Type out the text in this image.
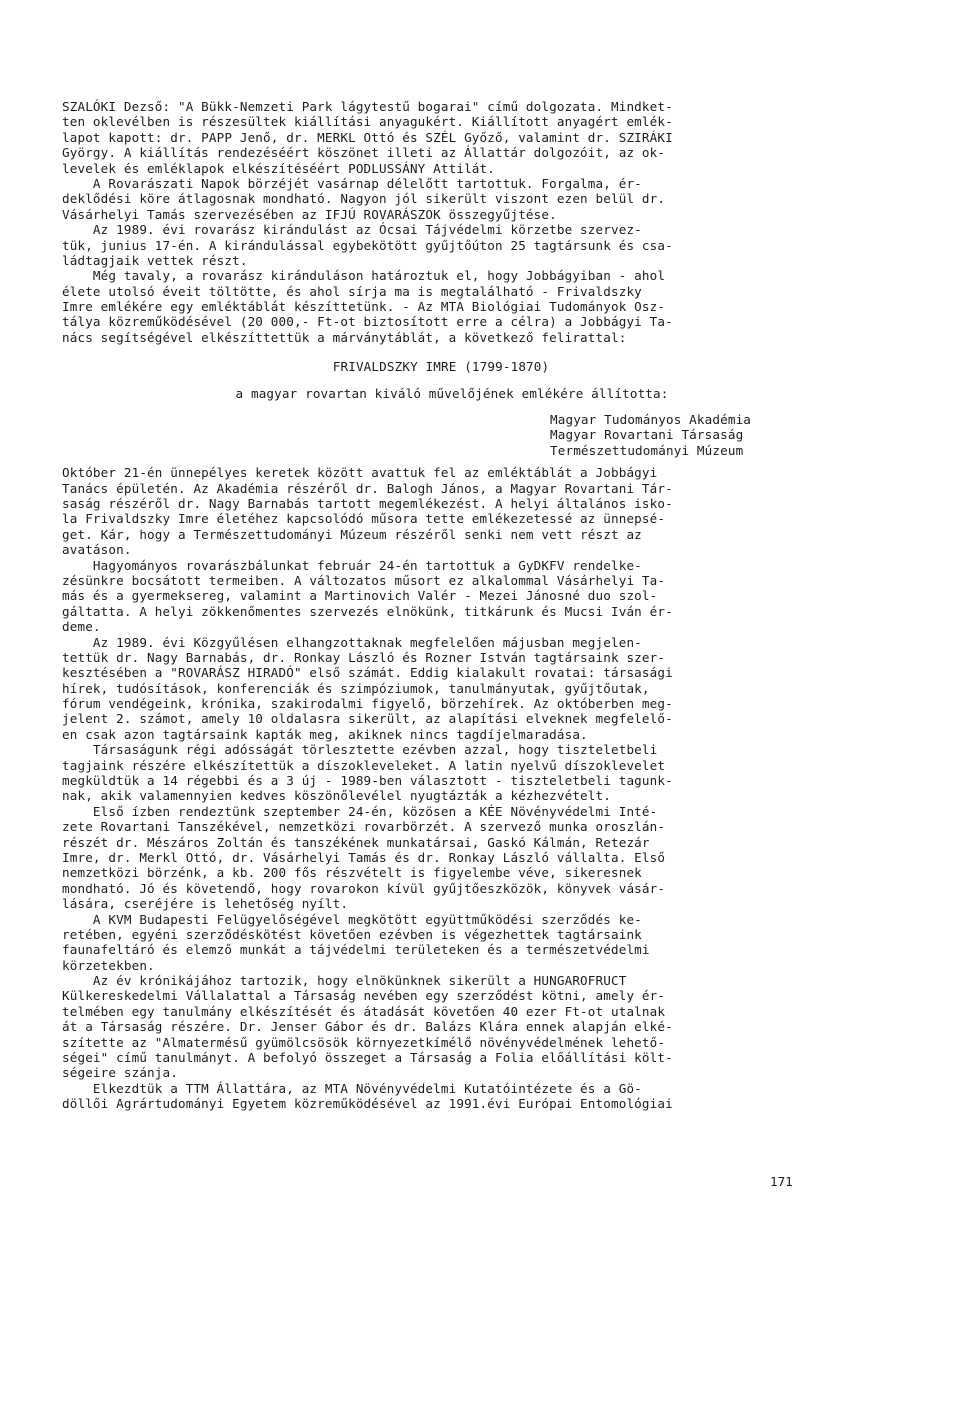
SZALÓKI Dezső: "A Bükk-Nemzeti Park lágytestű bogarai" című dolgozata. Mindket-
ten oklevélben is részesültek kiállítási anyagukért. Kiállított anyagért emlék-
lapot kapott: dr. PAPP Jenő, dr. MERKL Ottó és SZÉL Győző, valamint dr. SZIRÁKI
György. A kiállítás rendezéséért köszönet illeti az Állattár dolgozóit, az ok-
levelek és emléklapok elkészítéséért PODLUSSÁNY Attilát.
A Rovarászati Napok börzéjét vasárnap délelőtt tartottuk. Forgalma, ér-
deklődési köre átlagosnak mondható. Nagyon jól sikerült viszont ezen belül dr.
Vásárhelyi Tamás szervezésében az IFJÚ ROVARÁSZOK összegyűjtése.
Az 1989. évi rovarász kirándulást az Ócsai Tájvédelmi körzetbe szervez-
tük, junius 17-én. A kirándulással egybekötött gyűjtőúton 25 tagtársunk és csa-
ládtagjaik vettek részt.
Még tavaly, a rovarász kiránduláson határoztuk el, hogy Jobbágyiban - ahol
élete utolsó éveit töltötte, és ahol sírja ma is megtalálható - Frivaldszky
Imre emlékére egy emléktáblát készíttetünk. - Az MTA Biológiai Tudományok Osz-
tálya közreműködésével (20 000,- Ft-ot biztosított erre a célra) a Jobbágyi Ta-
nács segítségével elkészíttettük a márványtáblát, a következő felirattal:
FRIVALDSZKY IMRE (1799-1870)
a magyar rovartan kiváló művelőjének emlékére állította:
Magyar Tudományos Akadémia
Magyar Rovartani Társaság
Természettudományi Múzeum
Október 21-én ünnepélyes keretek között avattuk fel az emléktáblát a Jobbágyi
Tanács épületén. Az Akadémia részéről dr. Balogh János, a Magyar Rovartani Tár-
saság részéről dr. Nagy Barnabás tartott megemlékezést. A helyi általános isko-
la Frivaldszky Imre életéhez kapcsolódó műsora tette emlékezetessé az ünnepsé-
get. Kár, hogy a Természettudományi Múzeum részéről senki nem vett részt az
avatáson.
Hagyományos rovarászbálunkat február 24-én tartottuk a GyDKFV rendelke-
zésünkre bocsátott termeiben. A változatos műsort ez alkalommal Vásárhelyi Ta-
más és a gyermeksereg, valamint a Martinovich Valér - Mezei Jánosné duo szol-
gáltatta. A helyi zökkenőmentes szervezés elnökünk, titkárunk és Mucsi Iván ér-
deme.
Az 1989. évi Közgyűlésen elhangzottaknak megfelelően májusban megjelen-
tettük dr. Nagy Barnabás, dr. Ronkay László és Rozner István tagtársaink szer-
kesztésében a "ROVARÁSZ HIRADÓ" első számát. Eddig kialakult rovatai: társasági
hírek, tudósítások, konferenciák és szimpóziumok, tanulmányutak, gyűjtőutak,
fórum vendégeink, krónika, szakirodalmi figyelő, börzehírek. Az októberben meg-
jelent 2. számot, amely 10 oldalasra sikerült, az alapítási elveknek megfelelő-
en csak azon tagtársaink kapták meg, akiknek nincs tagdíjelmaradása.
Társaságunk régi adósságát törlesztette ezévben azzal, hogy tiszteletbeli
tagjaink részére elkészítettük a díszokleveleket. A latin nyelvű díszoklevelet
megküldtük a 14 régebbi és a 3 új - 1989-ben választott - tiszteletbeli tagunk-
nak, akik valamennyien kedves köszönőlevélel nyugtázták a kézhezvételt.
Első ízben rendeztünk szeptember 24-én, közösen a KÉE Növényvédelmi Inté-
zete Rovartani Tanszékével, nemzetközi rovarbörzét. A szervező munka oroszlán-
részét dr. Mészáros Zoltán és tanszékének munkatársai, Gaskó Kálmán, Retezár
Imre, dr. Merkl Ottó, dr. Vásárhelyi Tamás és dr. Ronkay László vállalta. Első
nemzetközi börzénk, a kb. 200 fős részvételt is figyelembe véve, sikeresnek
mondható. Jó és követendő, hogy rovarokon kívül gyűjtőeszközök, könyvek vásár-
lására, cseréjére is lehetőség nyílt.
A KVM Budapesti Felügyelőségével megkötött együttműködési szerződés ke-
retében, egyéni szerződéskötést követően ezévben is végezhettek tagtársaink
faunafeltáró és elemző munkát a tájvédelmi területeken és a természetvédelmi
körzetekben.
Az év krónikájához tartozik, hogy elnökünknek sikerült a HUNGAROFRUCT
Külkereskedelmi Vállalattal a Társaság nevében egy szerződést kötni, amely ér-
telmében egy tanulmány elkészítését és átadását követően 40 ezer Ft-ot utalnak
át a Társaság részére. Dr. Jenser Gábor és dr. Balázs Klára ennek alapján elké-
szítette az "Almatermésű gyümölcsösök környezetkímélő növényvédelmének lehető-
ségei" című tanulmányt. A befolyó összeget a Társaság a Folia előállítási költ-
ségeire szánja.
Elkezdtük a TTM Állattára, az MTA Növényvédelmi Kutatóintézete és a Gö-
döllői Agrártudományi Egyetem közreműködésével az 1991.évi Európai Entomológiai
171
